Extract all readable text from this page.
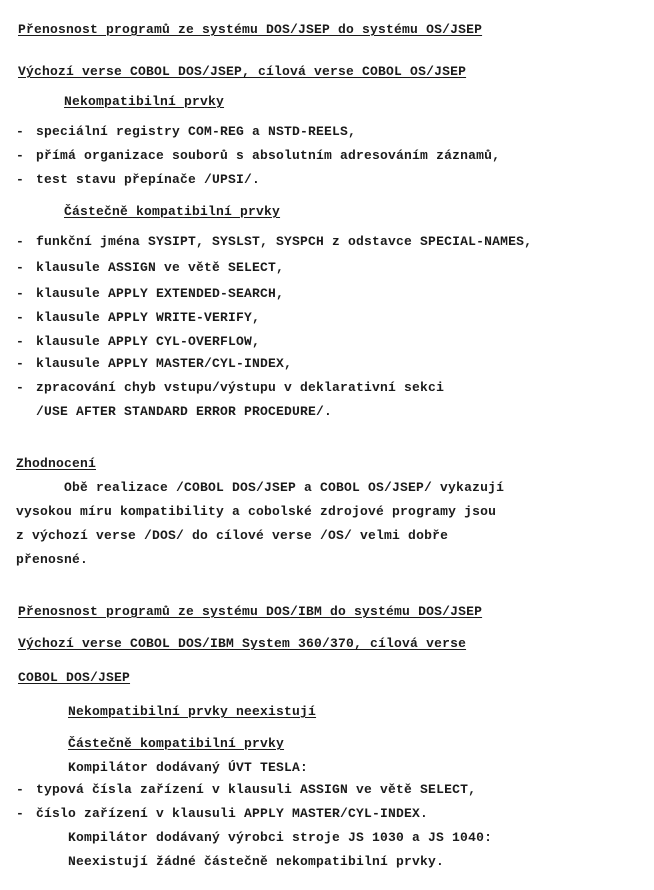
Přenosnost programů ze systému DOS/JSEP do systému OS/JSEP
Výchozí verse COBOL DOS/JSEP, cílová verse COBOL OS/JSEP
Nekompatibilní prvky
- speciální registry COM-REG a NSTD-REELS,
- přímá organizace souborů s absolutním adresováním záznamů,
- test stavu přepínače /UPSI/.
Částečně kompatibilní prvky
- funkční jména SYSIPT, SYSLST, SYSPCH z odstavce SPECIAL-NAMES,
- klausule ASSIGN ve větě SELECT,
- klausule APPLY EXTENDED-SEARCH,
- klausule APPLY WRITE-VERIFY,
- klausule APPLY CYL-OVERFLOW,
- klausule APPLY MASTER/CYL-INDEX,
- zpracování chyb vstupu/výstupu v deklarativní sekci
/USE AFTER STANDARD ERROR PROCEDURE/.
Zhodnocení
Obě realizace /COBOL DOS/JSEP a COBOL OS/JSEP/ vykazují
vysokou míru kompatibility a cobolské zdrojové programy jsou
z výchozí verse /DOS/ do cílové verse /OS/ velmi dobře
přenosné.
Přenosnost programů ze systému DOS/IBM do systému DOS/JSEP
Výchozí verse COBOL DOS/IBM System 360/370, cílová verse
COBOL DOS/JSEP
Nekompatibilní prvky neexistují
Částečně kompatibilní prvky
Kompilátor dodávaný ÚVT TESLA:
- typová čísla zařízení v klausuli ASSIGN ve větě SELECT,
- číslo zařízení v klausuli APPLY MASTER/CYL-INDEX.
Kompilátor dodávaný výrobci stroje JS 1030 a JS 1040:
Neexistují žádné částečně nekompatibilní prvky.
